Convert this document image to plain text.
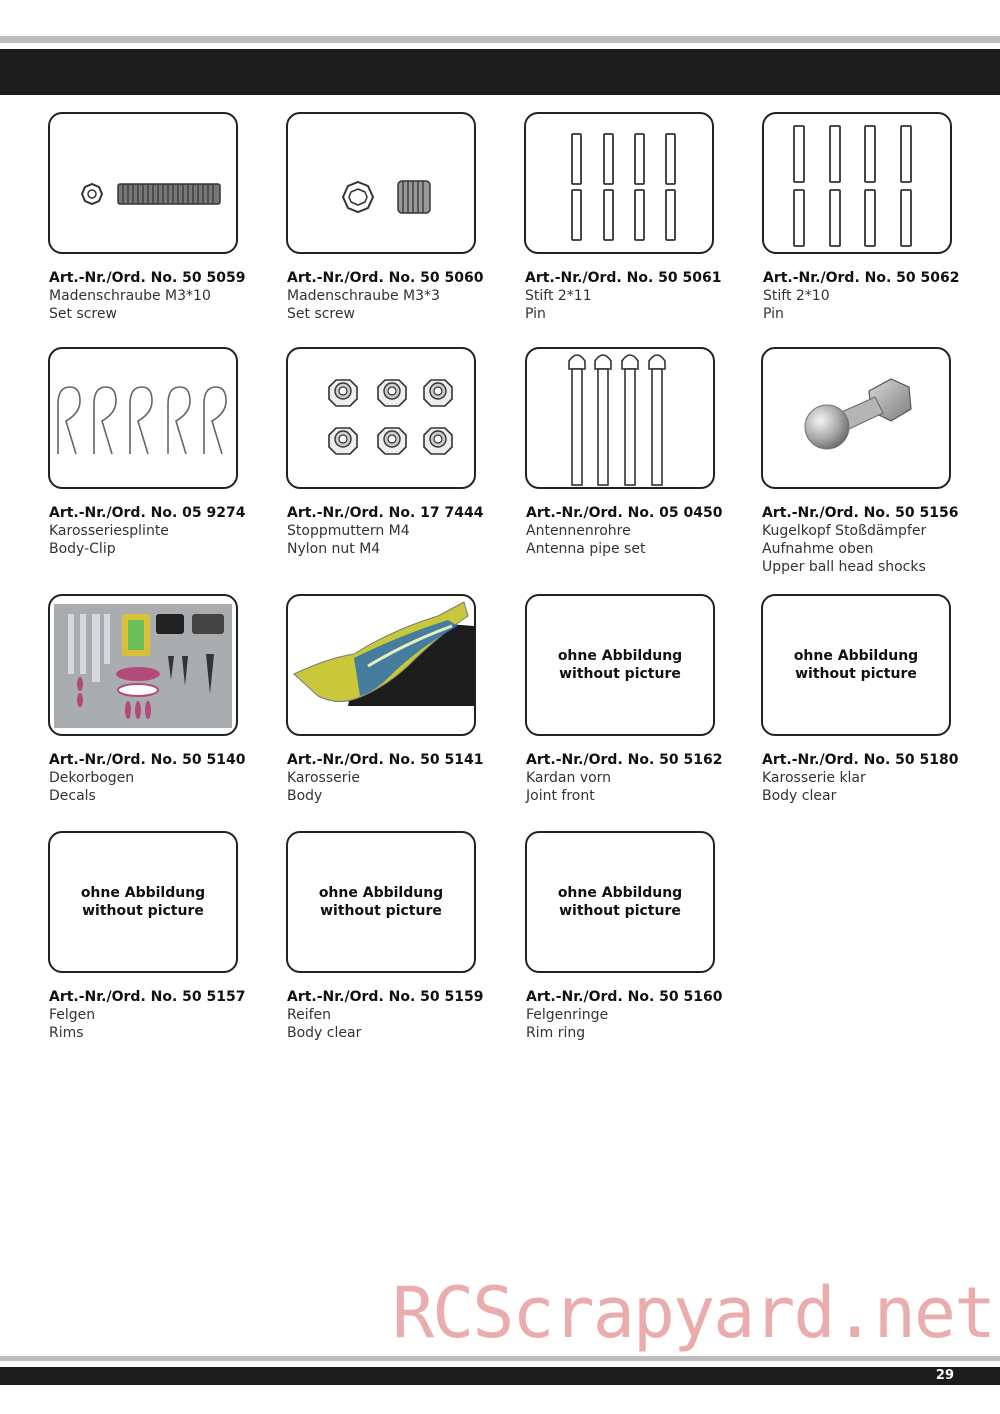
Art.-Nr./Ord. No. 50 5059
Madenschraube M3*10
Set screw
Art.-Nr./Ord. No. 50 5060
Madenschraube M3*3
Set screw
Art.-Nr./Ord. No. 50 5061
Stift 2*11
Pin
Art.-Nr./Ord. No. 50 5062
Stift 2*10
Pin
Art.-Nr./Ord. No. 05 9274
Karosseriesplinte
Body-Clip
Art.-Nr./Ord. No. 17 7444
Stoppmuttern M4
Nylon nut M4
Art.-Nr./Ord. No. 05 0450
Antennenrohre
Antenna pipe set
Art.-Nr./Ord. No. 50 5156
Kugelkopf Stoßdämpfer
Aufnahme oben
Upper ball head shocks
Art.-Nr./Ord. No. 50 5140
Dekorbogen
Decals
Art.-Nr./Ord. No. 50 5141
Karosserie
Body
ohne Abbildung
without picture
Art.-Nr./Ord. No. 50 5162
Kardan vorn
Joint front
ohne Abbildung
without picture
Art.-Nr./Ord. No. 50 5180
Karosserie klar
Body clear
ohne Abbildung
without picture
Art.-Nr./Ord. No. 50 5157
Felgen
Rims
ohne Abbildung
without picture
Art.-Nr./Ord. No. 50 5159
Reifen
Body clear
ohne Abbildung
without picture
Art.-Nr./Ord. No. 50 5160
Felgenringe
Rim ring
RCScrapyard.net
29
